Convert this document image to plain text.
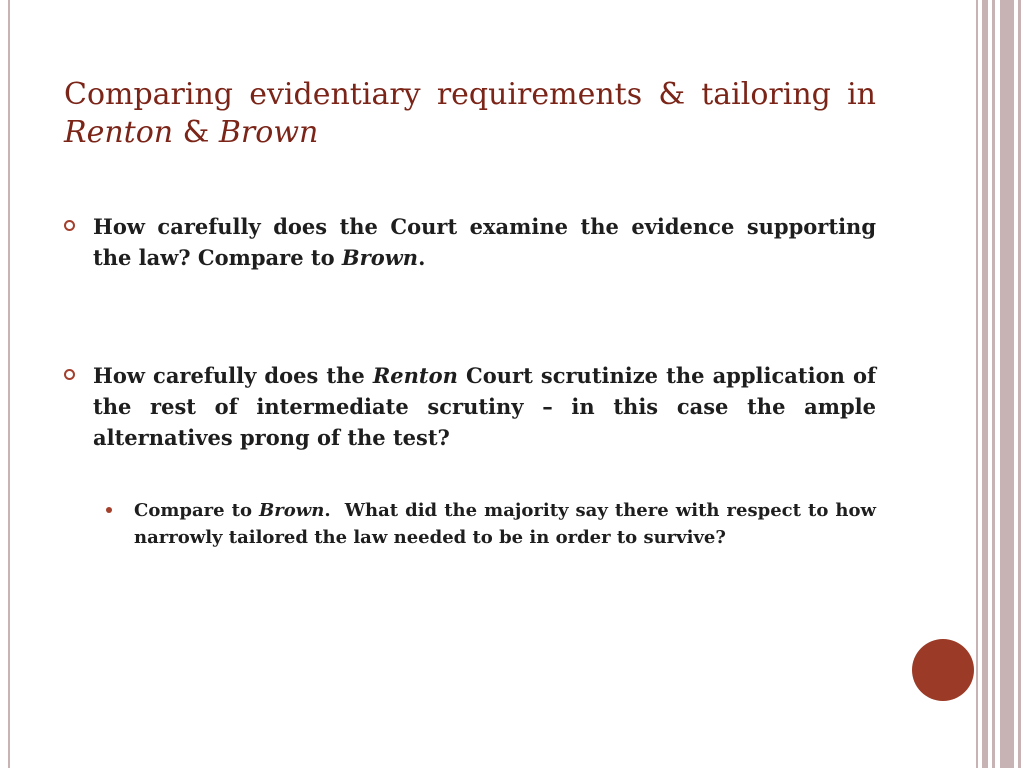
Comparing evidentiary requirements & tailoring in Renton & Brown
How carefully does the Court examine the evidence supporting the law? Compare to Brown.
How carefully does the Renton Court scrutinize the application of the rest of intermediate scrutiny – in this case the ample alternatives prong of the test?
Compare to Brown.  What did the majority say there with respect to how narrowly tailored the law needed to be in order to survive?
